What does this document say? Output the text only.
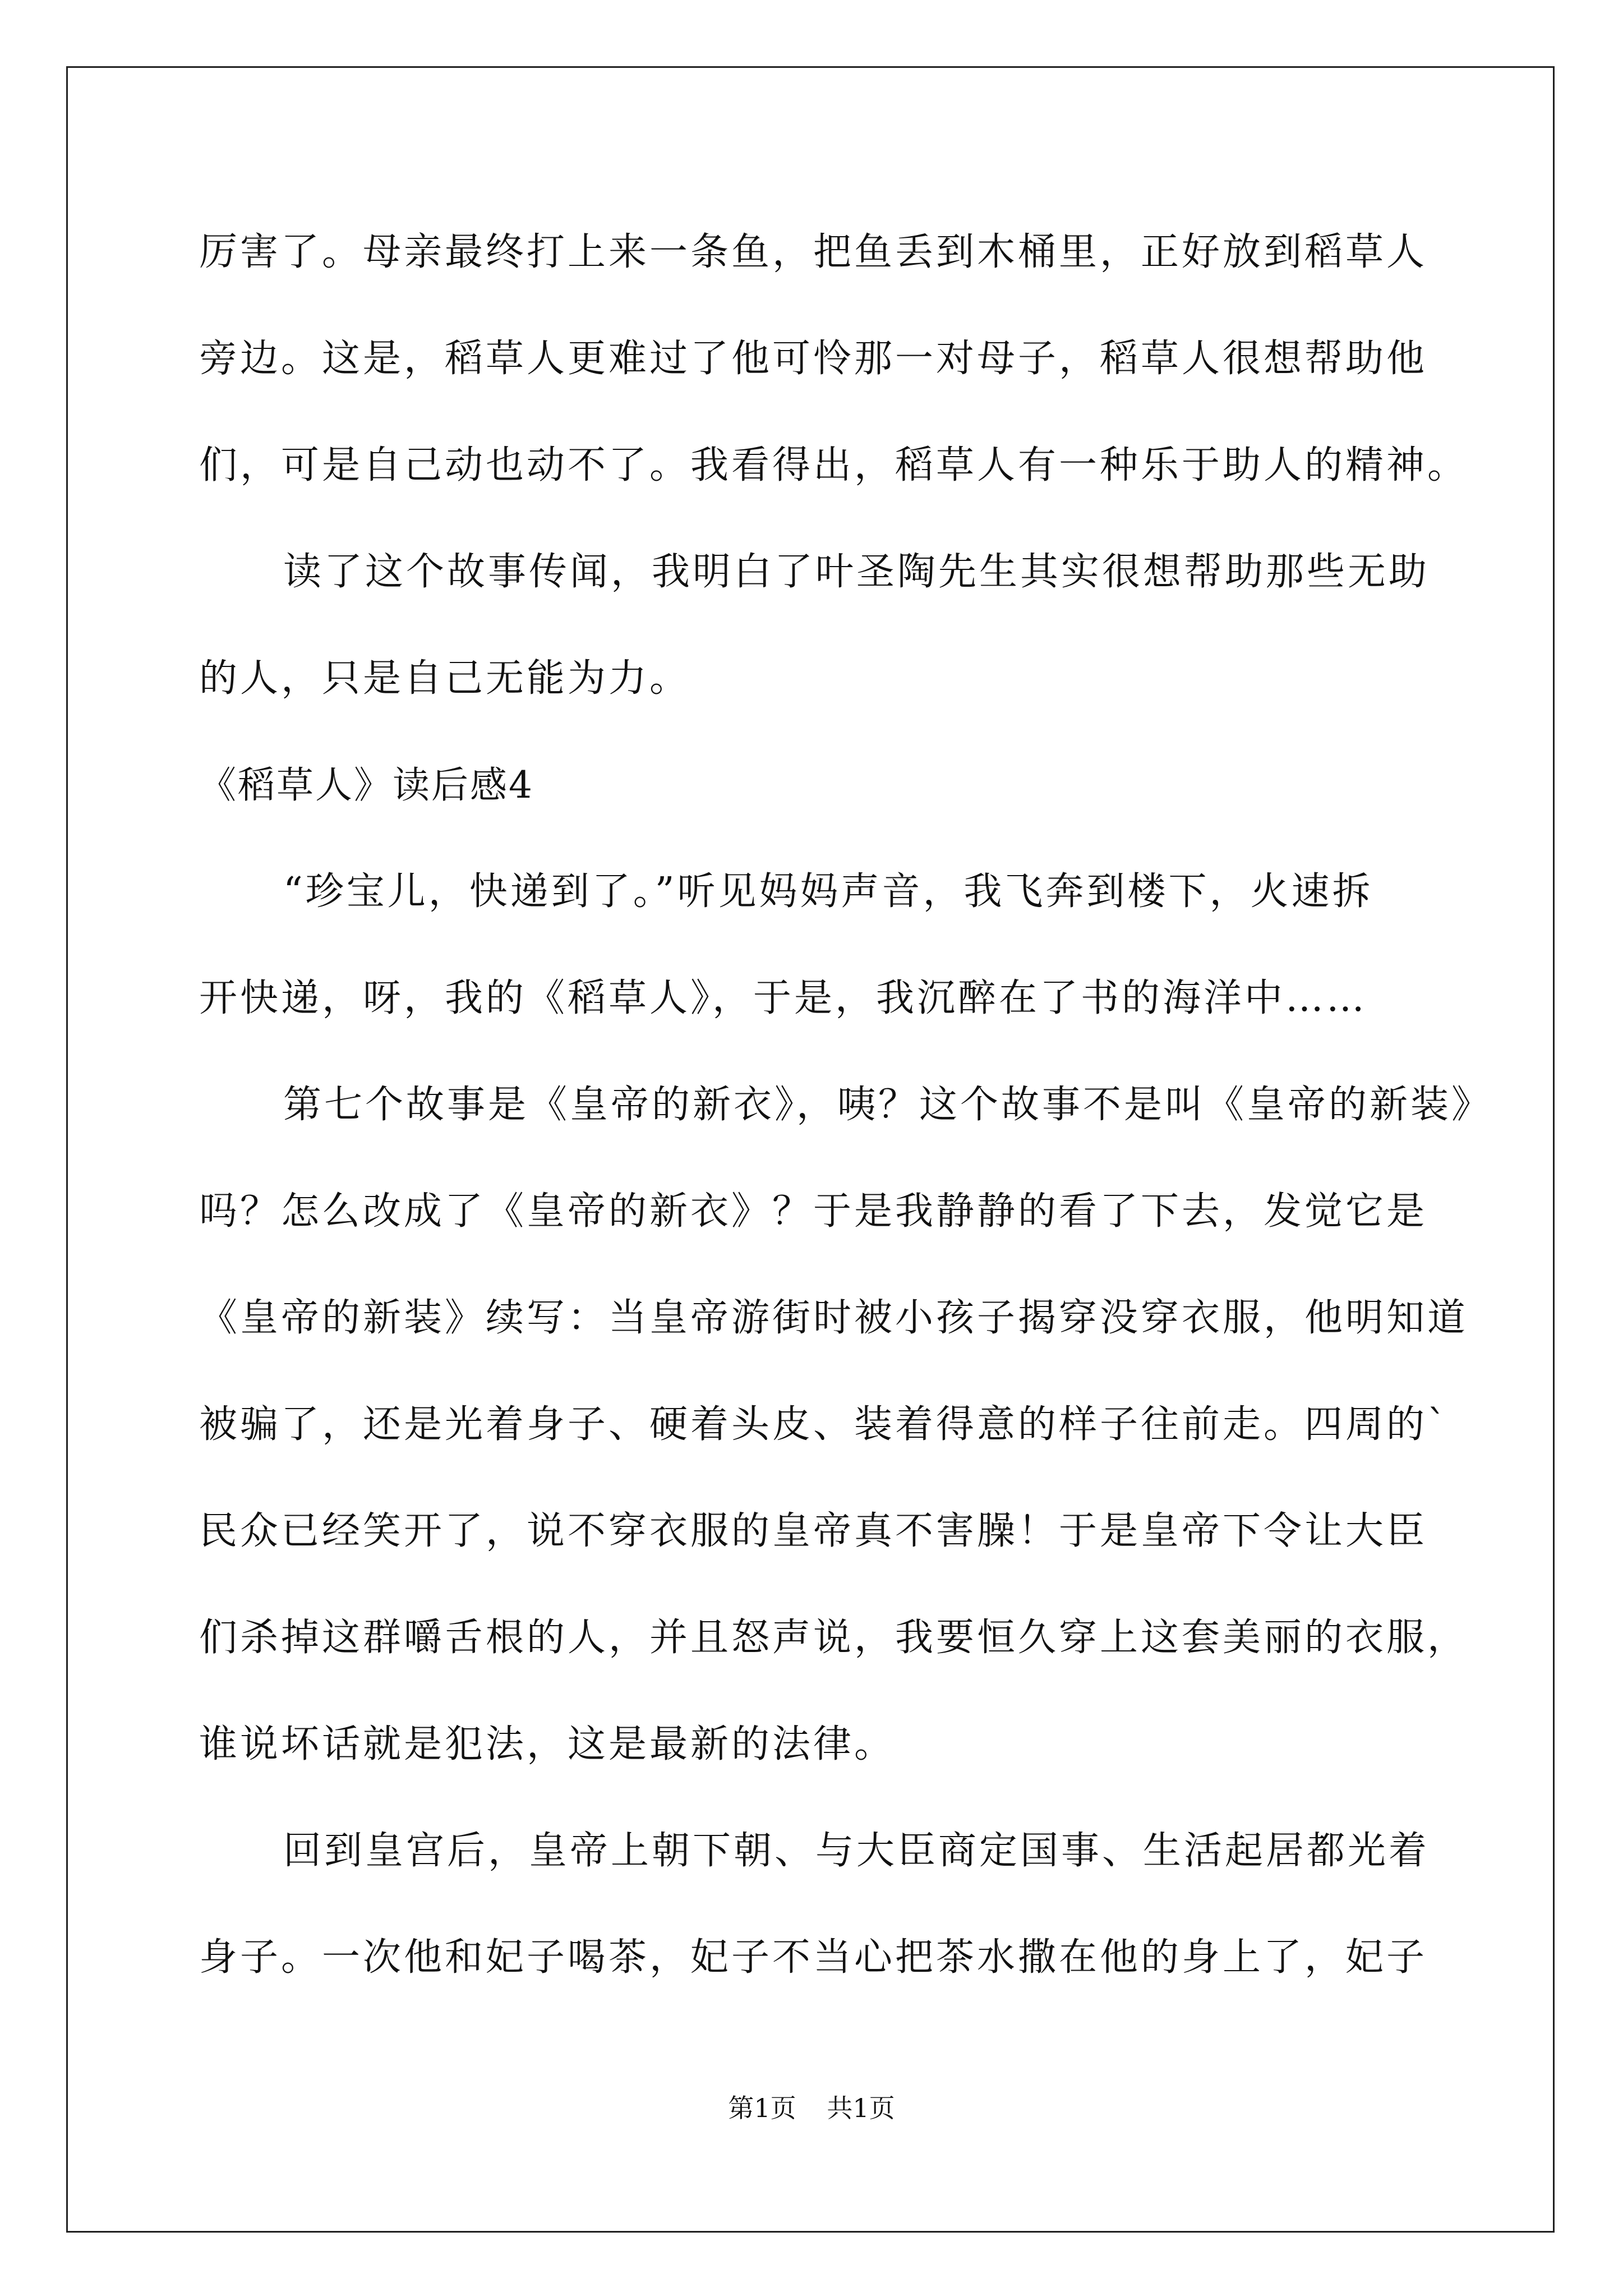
厉害了。母亲最终打上来一条鱼，把鱼丢到木桶里，正好放到稻草人
旁边。这是，稻草人更难过了他可怜那一对母子，稻草人很想帮助他
们，可是自己动也动不了。我看得出，稻草人有一种乐于助人的精神。
读了这个故事传闻，我明白了叶圣陶先生其实很想帮助那些无助
的人，只是自己无能为力。
《稻草人》读后感4
“珍宝儿，快递到了。”听见妈妈声音，我飞奔到楼下，火速拆
开快递，呀，我的《稻草人》，于是，我沉醉在了书的海洋中……
第七个故事是《皇帝的新衣》，咦？这个故事不是叫《皇帝的新装》
吗？怎么改成了《皇帝的新衣》？于是我静静的看了下去，发觉它是
《皇帝的新装》续写：当皇帝游街时被小孩子揭穿没穿衣服，他明知道
被骗了，还是光着身子、硬着头皮、装着得意的样子往前走。四周的`
民众已经笑开了，说不穿衣服的皇帝真不害臊！于是皇帝下令让大臣
们杀掉这群嚼舌根的人，并且怒声说，我要恒久穿上这套美丽的衣服，
谁说坏话就是犯法，这是最新的法律。
回到皇宫后，皇帝上朝下朝、与大臣商定国事、生活起居都光着
身子。一次他和妃子喝茶，妃子不当心把茶水撒在他的身上了，妃子
第1页 共1页
